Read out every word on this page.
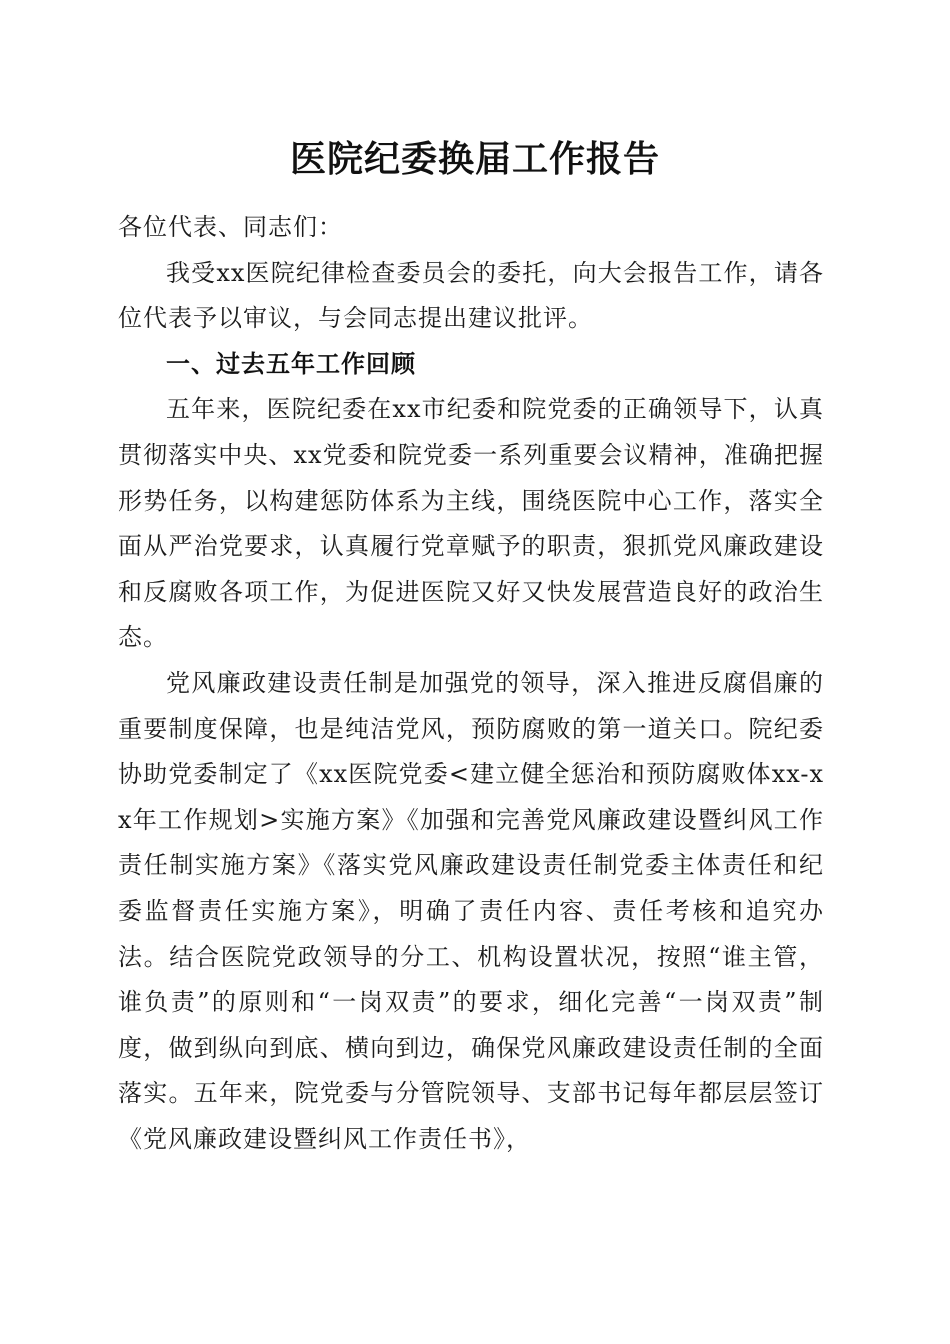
医院纪委换届工作报告

各位代表、同志们：

我受xx医院纪律检查委员会的委托，向大会报告工作，请各位代表予以审议，与会同志提出建议批评。

一、过去五年工作回顾

五年来，医院纪委在xx市纪委和院党委的正确领导下，认真贯彻落实中央、xx党委和院党委一系列重要会议精神，准确把握形势任务，以构建惩防体系为主线，围绕医院中心工作，落实全面从严治党要求，认真履行党章赋予的职责，狠抓党风廉政建设和反腐败各项工作，为促进医院又好又快发展营造良好的政治生态。

党风廉政建设责任制是加强党的领导，深入推进反腐倡廉的重要制度保障，也是纯洁党风，预防腐败的第一道关口。院纪委协助党委制定了《xx医院党委<建立健全惩治和预防腐败体xx-xx年工作规划>实施方案》《加强和完善党风廉政建设暨纠风工作责任制实施方案》《落实党风廉政建设责任制党委主体责任和纪委监督责任实施方案》，明确了责任内容、责任考核和追究办法。结合医院党政领导的分工、机构设置状况，按照“谁主管，谁负责”的原则和“一岗双责”的要求，细化完善“一岗双责”制度，做到纵向到底、横向到边，确保党风廉政建设责任制的全面落实。五年来，院党委与分管院领导、支部书记每年都层层签订《党风廉政建设暨纠风工作责任书》，
